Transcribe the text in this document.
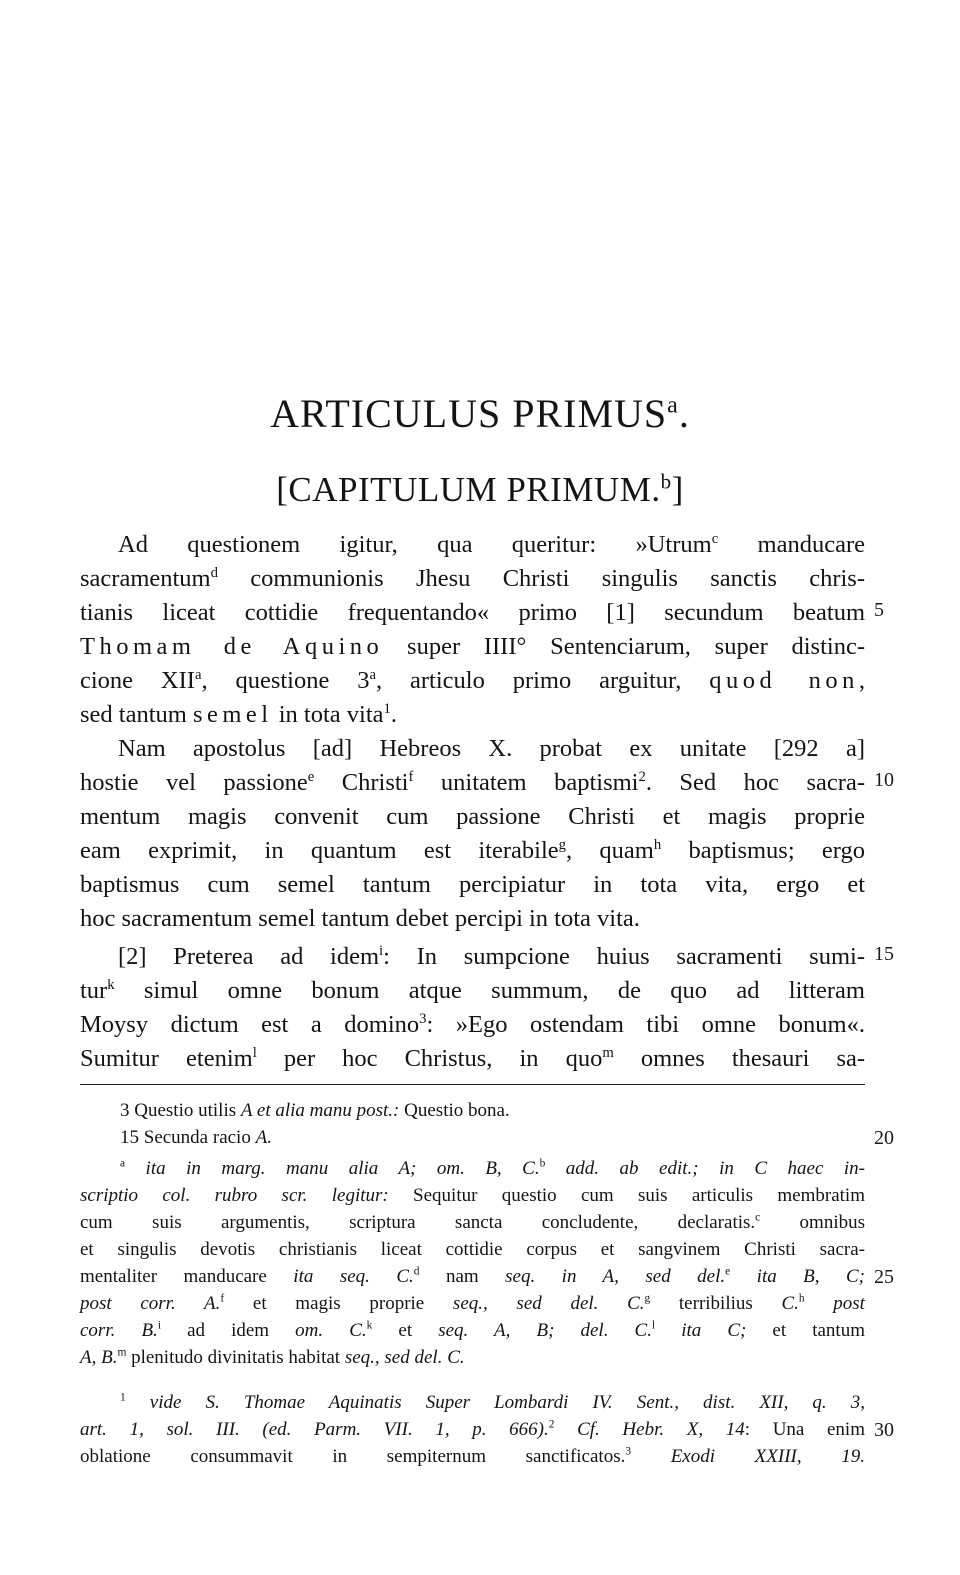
ARTICULUS PRIMUS$^a$.
[CAPITULUM PRIMUM.$^b$]
Ad questionem igitur, qua queritur: »Utrum$^c$ manducare
sacramentum$^d$ communionis Jhesu Christi singulis sanctis chris-
tianis liceat cottidie frequentando« primo [1] secundum beatum
Thomam de Aquino super IIII° Sentenciarum, super distinc-
cione XII$^a$, questione 3$^a$, articulo primo arguitur, quod non,
sed tantum semel in tota vita$^1$.
Nam apostolus [ad] Hebreos X. probat ex unitate [292 a]
hostie vel passione$^e$ Christi$^f$ unitatem baptismi$^2$. Sed hoc sacra-
mentum magis convenit cum passione Christi et magis proprie
eam exprimit, in quantum est iterabile$^g$, quam$^h$ baptismus; ergo
baptismus cum semel tantum percipiatur in tota vita, ergo et
hoc sacramentum semel tantum debet percipi in tota vita.
[2] Preterea ad idem$^i$: In sumpcione huius sacramenti sumi-
tur$^k$ simul omne bonum atque summum, de quo ad litteram
Moysy dictum est a domino$^3$: »Ego ostendam tibi omne bonum«.
Sumitur etenim$^l$ per hoc Christus, in quo$^m$ omnes thesauri sa-
3 Questio utilis A et alia manu post.: Questio bona.
15 Secunda racio A.
$^a$ ita in marg. manu alia A; om. B, C.$^b$ add. ab edit.; in C haec in-
scriptio col. rubro scr. legitur: Sequitur questio cum suis articulis membratim
cum suis argumentis, scriptura sancta concludente, declaratis.$^c$ omnibus
et singulis devotis christianis liceat cottidie corpus et sangvinem Christi sacra-
mentaliter manducare ita seq. C.$^d$ nam seq. in A, sed del.$^e$ ita B, C;
post corr. A.$^f$ et magis proprie seq., sed del. C.$^g$ terribilius C.$^h$ post
corr. B.$^i$ ad idem om. C.$^k$ et seq. A, B; del. C.$^l$ ita C; et tantum
A, B.$^m$ plenitudo divinitatis habitat seq., sed del. C.
$^1$ vide S. Thomae Aquinatis Super Lombardi IV. Sent., dist. XII, q. 3,
art. 1, sol. III. (ed. Parm. VII. 1, p. 666).$^2$ Cf. Hebr. X, 14: Una enim
oblatione consummavit in sempiternum sanctificatos.$^3$ Exodi XXIII, 19.
5
10
15
20
25
30
